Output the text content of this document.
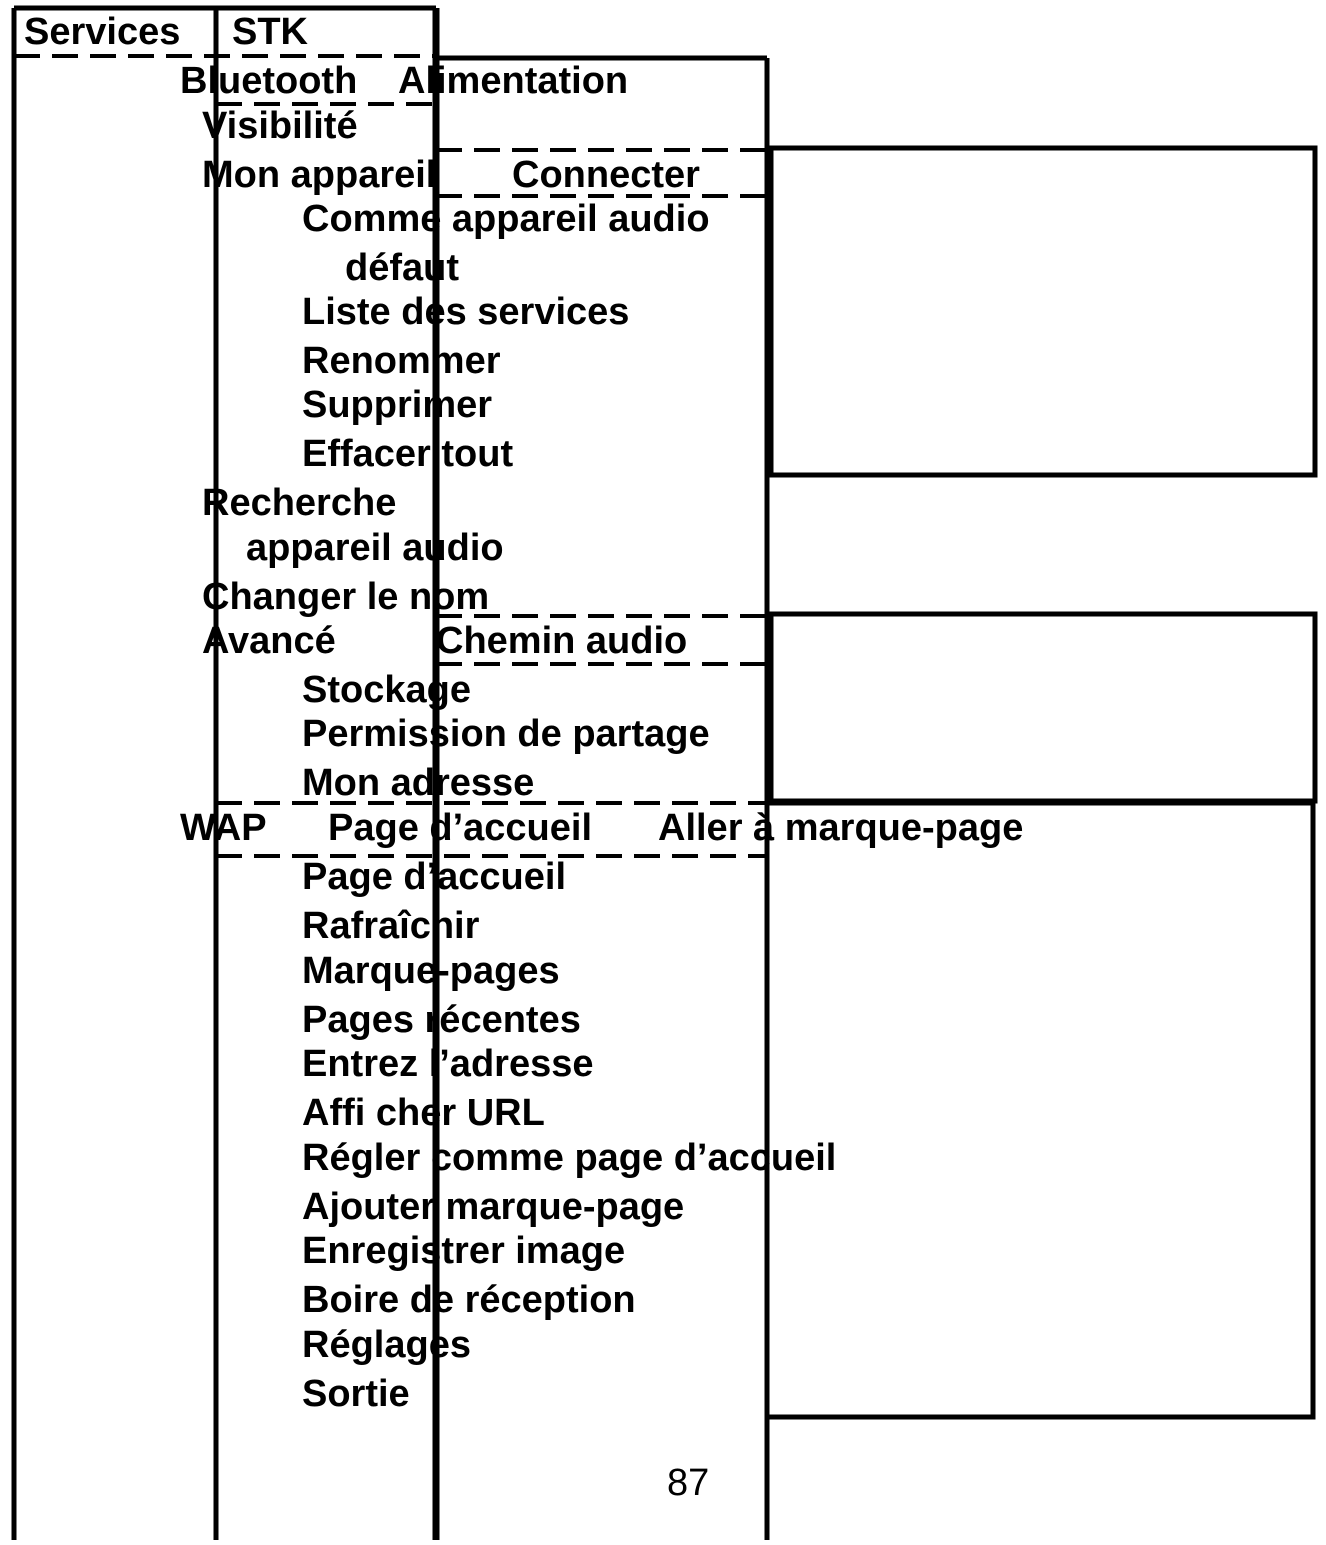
Services STK
Bluetooth Alimentation
Visibilité
Mon appareil Connecter
Comme appareil audio
défaut
Liste des services
Renommer
Supprimer
Effacer tout
Recherche
appareil audio
Changer le nom
Avancé	Chemin audio
Stockage
Permission de partage
Mon adresse
WAP Page d’accueil Aller à marque-page
Page d’accueil
Rafraîchir
Marque-pages
Pages récentes
Entrez l’adresse
Affi cher URL
Régler comme page d’accueil
Ajouter marque-page
Enregistrer image
Boire de réception
Réglages
Sortie
87
